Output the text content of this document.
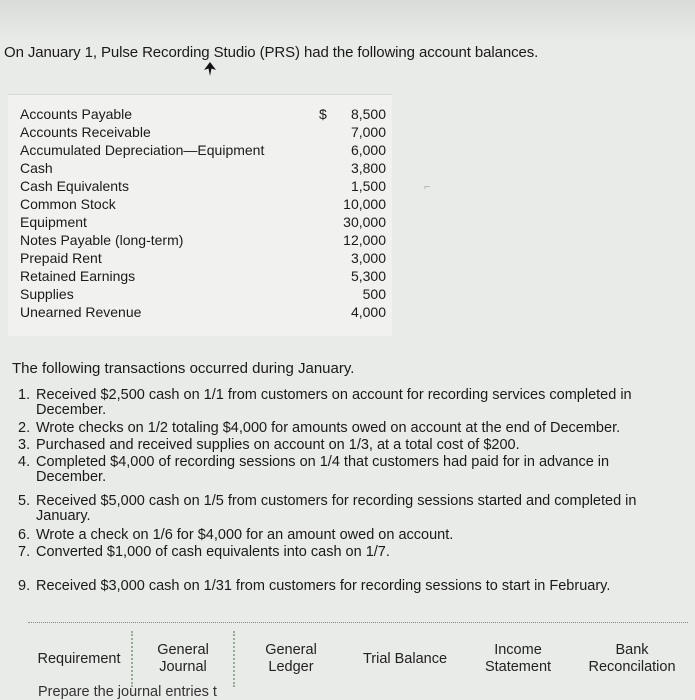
On January 1, Pulse Recording Studio (PRS) had the following account balances.
Accounts Payable	$ 8,500
Accounts Receivable	7,000
Accumulated Depreciation—Equipment	6,000
Cash	3,800
Cash Equivalents	1,500
Common Stock	10,000
Equipment	30,000
Notes Payable (long-term)	12,000
Prepaid Rent	3,000
Retained Earnings	5,300
Supplies	500
Unearned Revenue	4,000
The following transactions occurred during January.
1. Received $2,500 cash on 1/1 from customers on account for recording services completed in
December.
2. Wrote checks on 1/2 totaling $4,000 for amounts owed on account at the end of December.
3. Purchased and received supplies on account on 1/3, at a total cost of $200.
4. Completed $4,000 of recording sessions on 1/4 that customers had paid for in advance in
December.
5. Received $5,000 cash on 1/5 from customers for recording sessions started and completed in
January.
6. Wrote a check on 1/6 for $4,000 for an amount owed on account.
7. Converted $1,000 of cash equivalents into cash on 1/7.
9. Received $3,000 cash on 1/31 from customers for recording sessions to start in February.
⌐
Requirement
General
Journal
General
Ledger
Trial Balance
Income
Statement
Bank
Reconcilation
Prepare the journal entries t
